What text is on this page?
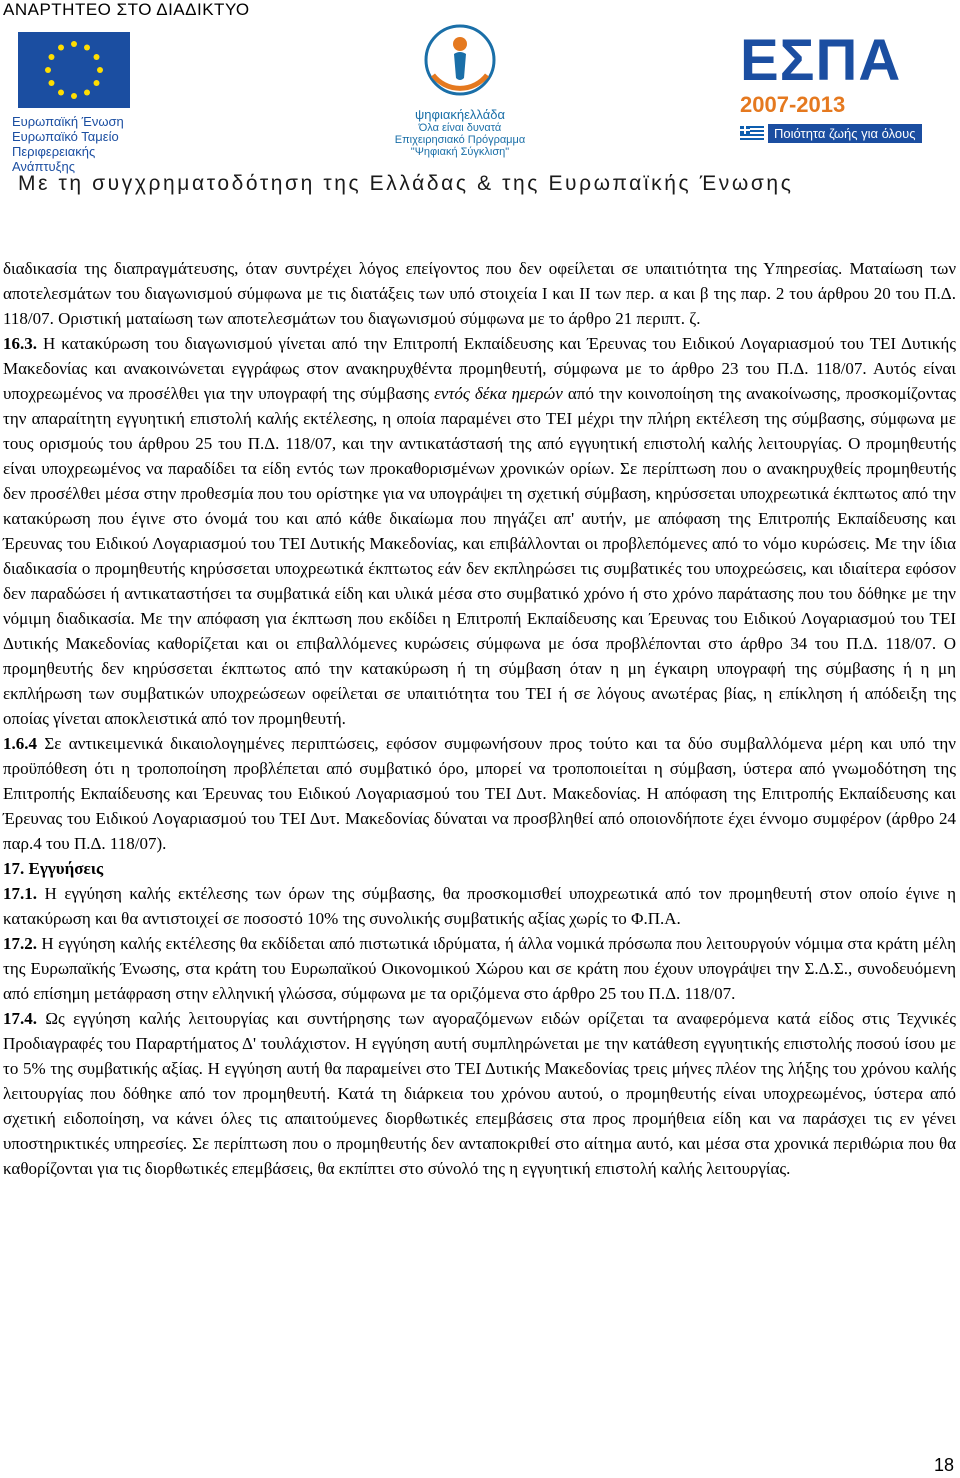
ΑΝΑΡΤΗΤΕΟ ΣΤΟ ΔΙΑΔΙΚΤΥΟ
Ευρωπαϊκή Ένωση
Ευρωπαϊκό Ταμείο
Περιφερειακής Ανάπτυξης
ψηφιακήελλάδα
Όλα είναι δυνατά
Επιχειρησιακό Πρόγραμμα
"Ψηφιακή Σύγκλιση"
ΕΣΠΑ
2007-2013
Ποιότητα ζωής για όλους
Με τη συγχρηματοδότηση της Ελλάδας & της Ευρωπαϊκής Ένωσης

διαδικασία της διαπραγμάτευσης, όταν συντρέχει λόγος επείγοντος που δεν οφείλεται σε υπαιτιότητα της Υπηρεσίας. Ματαίωση των αποτελεσμάτων του διαγωνισμού σύμφωνα με τις διατάξεις των υπό στοιχεία Ι και ΙΙ των περ. α και β της παρ. 2 του άρθρου 20 του Π.Δ. 118/07. Οριστική ματαίωση των αποτελεσμάτων του διαγωνισμού σύμφωνα με το άρθρο 21 περιπτ. ζ.

16.3. Η κατακύρωση του διαγωνισμού γίνεται από την Επιτροπή Εκπαίδευσης και Έρευνας του Ειδικού Λογαριασμού του ΤΕΙ Δυτικής Μακεδονίας και ανακοινώνεται εγγράφως στον ανακηρυχθέντα προμηθευτή, σύμφωνα με το άρθρο 23 του Π.Δ. 118/07. Αυτός είναι υποχρεωμένος να προσέλθει για την υπογραφή της σύμβασης εντός δέκα ημερών από την κοινοποίηση της ανακοίνωσης, προσκομίζοντας την απαραίτητη εγγυητική επιστολή καλής εκτέλεσης, η οποία παραμένει στο ΤΕΙ μέχρι την πλήρη εκτέλεση της σύμβασης, σύμφωνα με τους ορισμούς του άρθρου 25 του Π.Δ. 118/07, και την αντικατάστασή της από εγγυητική επιστολή καλής λειτουργίας. Ο προμηθευτής είναι υποχρεωμένος να παραδίδει τα είδη εντός των προκαθορισμένων χρονικών ορίων. Σε περίπτωση που ο ανακηρυχθείς προμηθευτής δεν προσέλθει μέσα στην προθεσμία που του ορίστηκε για να υπογράψει τη σχετική σύμβαση, κηρύσσεται υποχρεωτικά έκπτωτος από την κατακύρωση που έγινε στο όνομά του και από κάθε δικαίωμα που πηγάζει απ' αυτήν, με απόφαση της Επιτροπής Εκπαίδευσης και Έρευνας του Ειδικού Λογαριασμού του ΤΕΙ Δυτικής Μακεδονίας, και επιβάλλονται οι προβλεπόμενες από το νόμο κυρώσεις. Με την ίδια διαδικασία ο προμηθευτής κηρύσσεται υποχρεωτικά έκπτωτος εάν δεν εκπληρώσει τις συμβατικές του υποχρεώσεις, και ιδιαίτερα εφόσον δεν παραδώσει ή αντικαταστήσει τα συμβατικά είδη και υλικά μέσα στο συμβατικό χρόνο ή στο χρόνο παράτασης που του δόθηκε με την νόμιμη διαδικασία. Με την απόφαση για έκπτωση που εκδίδει η Επιτροπή Εκπαίδευσης και Έρευνας του Ειδικού Λογαριασμού του ΤΕΙ Δυτικής Μακεδονίας καθορίζεται και οι επιβαλλόμενες κυρώσεις σύμφωνα με όσα προβλέπονται στο άρθρο 34 του Π.Δ. 118/07. Ο προμηθευτής δεν κηρύσσεται έκπτωτος από την κατακύρωση ή τη σύμβαση όταν η μη έγκαιρη υπογραφή της σύμβασης ή η μη εκπλήρωση των συμβατικών υποχρεώσεων οφείλεται σε υπαιτιότητα του ΤΕΙ ή σε λόγους ανωτέρας βίας, η επίκληση ή απόδειξη της οποίας γίνεται αποκλειστικά από τον προμηθευτή.

1.6.4 Σε αντικειμενικά δικαιολογημένες περιπτώσεις, εφόσον συμφωνήσουν προς τούτο και τα δύο συμβαλλόμενα μέρη και υπό την προϋπόθεση ότι η τροποποίηση προβλέπεται από συμβατικό όρο, μπορεί να τροποποιείται η σύμβαση, ύστερα από γνωμοδότηση της Επιτροπής Εκπαίδευσης και Έρευνας του Ειδικού Λογαριασμού του ΤΕΙ Δυτ. Μακεδονίας. Η απόφαση της Επιτροπής Εκπαίδευσης και Έρευνας του Ειδικού Λογαριασμού του ΤΕΙ Δυτ. Μακεδονίας δύναται να προσβληθεί από οποιονδήποτε έχει έννομο συμφέρον (άρθρο 24 παρ.4 του Π.Δ. 118/07).

17. Εγγυήσεις

17.1. Η εγγύηση καλής εκτέλεσης των όρων της σύμβασης, θα προσκομισθεί υποχρεωτικά από τον προμηθευτή στον οποίο έγινε η κατακύρωση και θα αντιστοιχεί σε ποσοστό 10% της συνολικής συμβατικής αξίας χωρίς το Φ.Π.Α.

17.2. Η εγγύηση καλής εκτέλεσης θα εκδίδεται από πιστωτικά ιδρύματα, ή άλλα νομικά πρόσωπα που λειτουργούν νόμιμα στα κράτη μέλη της Ευρωπαϊκής Ένωσης, στα κράτη του Ευρωπαϊκού Οικονομικού Χώρου και σε κράτη που έχουν υπογράψει την Σ.Δ.Σ., συνοδευόμενη από επίσημη μετάφραση στην ελληνική γλώσσα, σύμφωνα με τα οριζόμενα στο άρθρο 25 του Π.Δ. 118/07.

17.4. Ως εγγύηση καλής λειτουργίας και συντήρησης των αγοραζόμενων ειδών ορίζεται τα αναφερόμενα κατά είδος στις Τεχνικές Προδιαγραφές του Παραρτήματος Δ' τουλάχιστον. Η εγγύηση αυτή συμπληρώνεται με την κατάθεση εγγυητικής επιστολής ποσού ίσου με το 5% της συμβατικής αξίας. Η εγγύηση αυτή θα παραμείνει στο ΤΕΙ Δυτικής Μακεδονίας τρεις μήνες πλέον της λήξης του χρόνου καλής λειτουργίας που δόθηκε από τον προμηθευτή. Κατά τη διάρκεια του χρόνου αυτού, ο προμηθευτής είναι υποχρεωμένος, ύστερα από σχετική ειδοποίηση, να κάνει όλες τις απαιτούμενες διορθωτικές επεμβάσεις στα προς προμήθεια είδη και να παράσχει τις εν γένει υποστηρικτικές υπηρεσίες. Σε περίπτωση που ο προμηθευτής δεν ανταποκριθεί στο αίτημα αυτό, και μέσα στα χρονικά περιθώρια που θα καθορίζονται για τις διορθωτικές επεμβάσεις, θα εκπίπτει στο σύνολό της η εγγυητική επιστολή καλής λειτουργίας.

18
